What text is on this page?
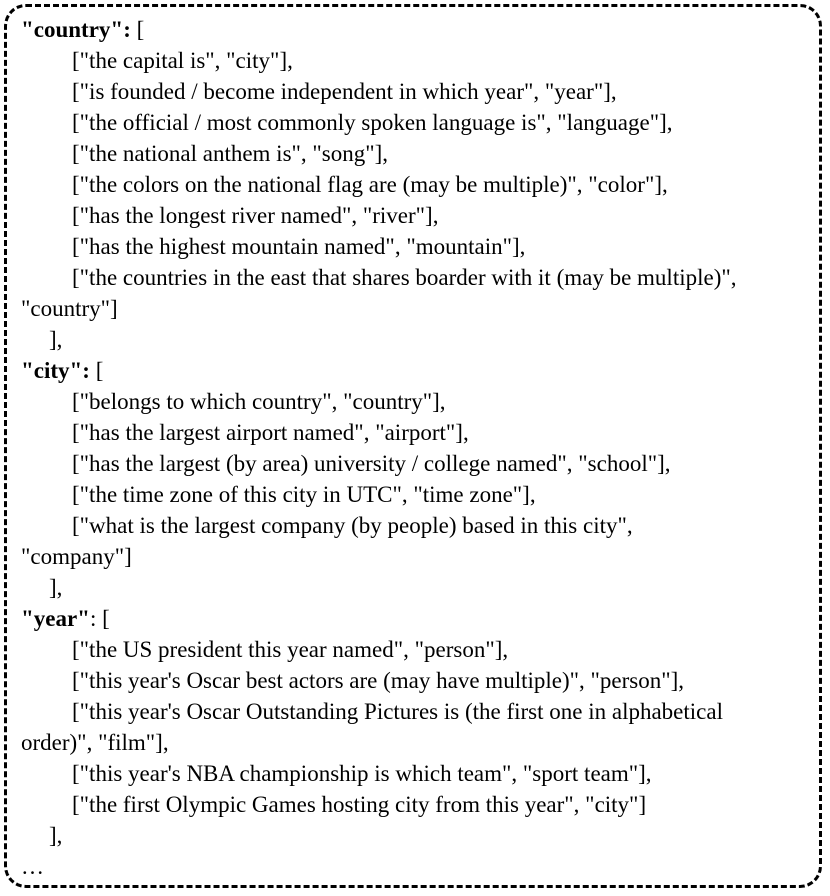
"country": [
["the capital is", "city"],
["is founded / become independent in which year", "year"],
["the official / most commonly spoken language is", "language"],
["the national anthem is", "song"],
["the colors on the national flag are (may be multiple)", "color"],
["has the longest river named", "river"],
["has the highest mountain named", "mountain"],
["the countries in the east that shares boarder with it (may be multiple)",
"country"]
],
"city": [
["belongs to which country", "country"],
["has the largest airport named", "airport"],
["has the largest (by area) university / college named", "school"],
["the time zone of this city in UTC", "time zone"],
["what is the largest company (by people) based in this city",
"company"]
],
"year": [
["the US president this year named", "person"],
["this year's Oscar best actors are (may have multiple)", "person"],
["this year's Oscar Outstanding Pictures is (the first one in alphabetical
order)", "film"],
["this year's NBA championship is which team", "sport team"],
["the first Olympic Games hosting city from this year", "city"]
],
…
